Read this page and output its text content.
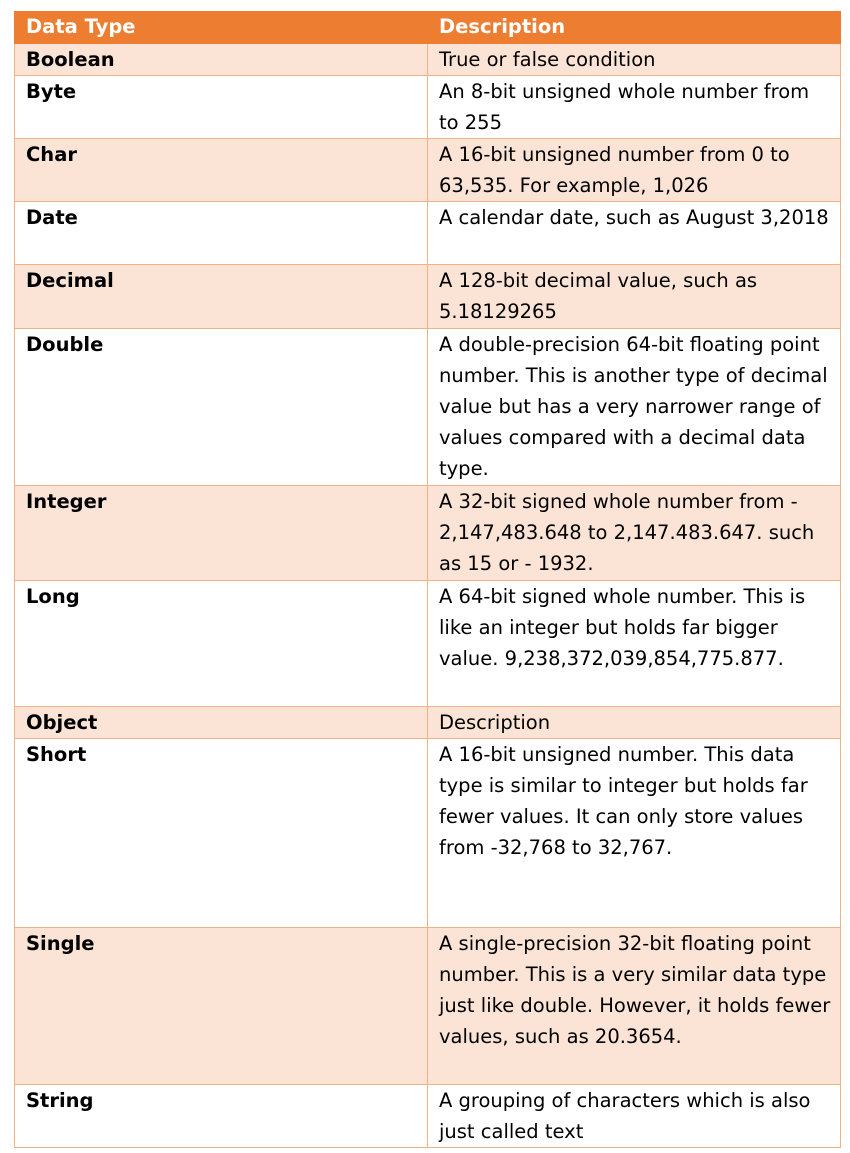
Data Type	Description
Boolean	True or false condition
Byte	An 8-bit unsigned whole number from to 255
Char	A 16-bit unsigned number from 0 to 63,535. For example, 1,026
Date	A calendar date, such as August 3,2018
Decimal	A 128-bit decimal value, such as 5.18129265
Double	A double-precision 64-bit floating point number. This is another type of decimal value but has a very narrower range of values compared with a decimal data type.
Integer	A 32-bit signed whole number from - 2,147,483.648 to 2,147.483.647. such as 15 or - 1932.
Long	A 64-bit signed whole number. This is like an integer but holds far bigger value. 9,238,372,039,854,775.877.
Object	Description
Short	A 16-bit unsigned number. This data type is similar to integer but holds far fewer values. It can only store values from -32,768 to 32,767.
Single	A single-precision 32-bit floating point number. This is a very similar data type just like double. However, it holds fewer values, such as 20.3654.
String	A grouping of characters which is also just called text
